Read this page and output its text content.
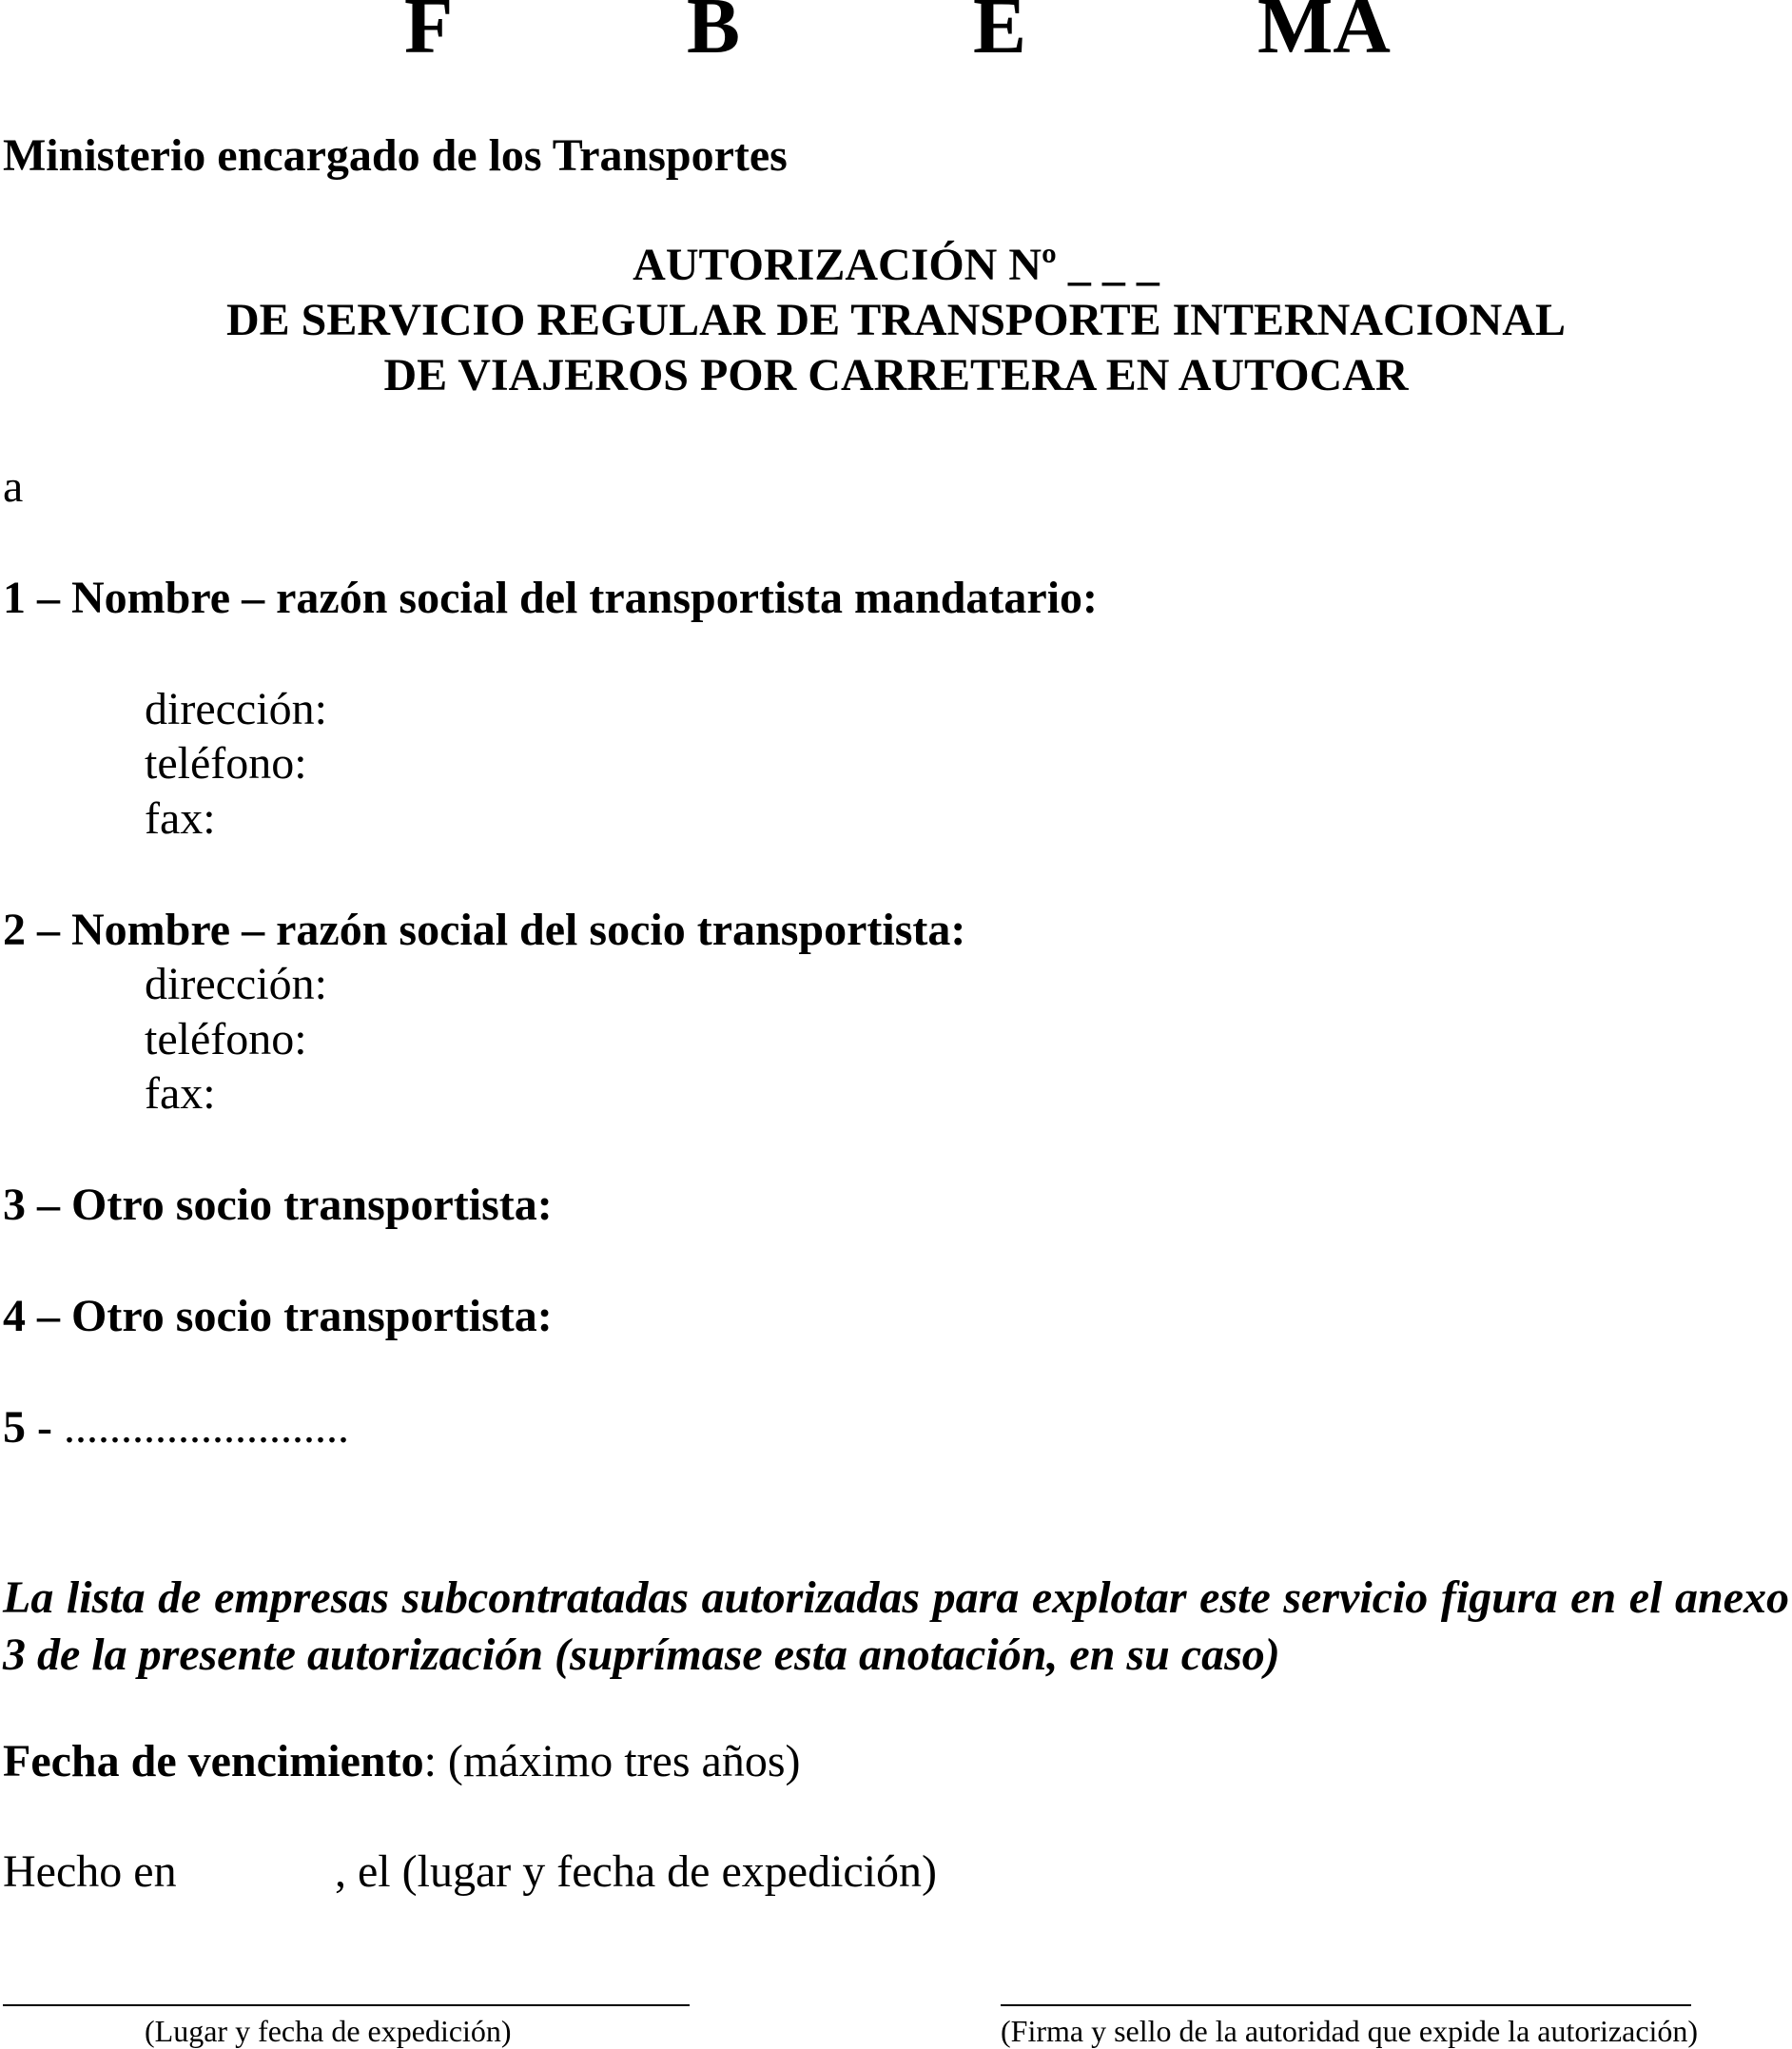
F	B	E	MA
Ministerio encargado de los Transportes
AUTORIZACIÓN Nº _ _ _
DE SERVICIO REGULAR DE TRANSPORTE INTERNACIONAL
DE VIAJEROS POR CARRETERA EN AUTOCAR
a
1 – Nombre – razón social del transportista mandatario:
dirección:
teléfono:
fax:
2 – Nombre – razón social del socio transportista:
dirección:
teléfono:
fax:
3 – Otro socio transportista:
4 – Otro socio transportista:
5 - .........................
La lista de empresas subcontratadas autorizadas para explotar este servicio figura en el anexo 3 de la presente autorización (suprímase esta anotación, en su caso)
Fecha de vencimiento: (máximo tres años)
Hecho en	, el (lugar y fecha de expedición)
(Lugar y fecha de expedición)	(Firma y sello de la autoridad que expide la autorización)
